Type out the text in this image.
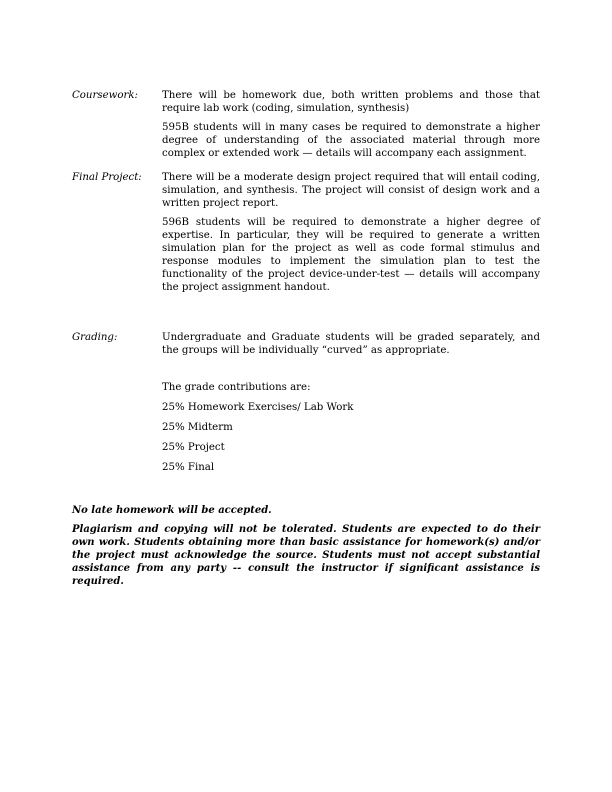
Coursework:	There will be homework due, both written problems and those that require lab work (coding, simulation, synthesis)

595B students will in many cases be required to demonstrate a higher degree of understanding of the associated material through more complex or extended work — details will accompany each assignment.

Final Project:	There will be a moderate design project required that will entail coding, simulation, and synthesis. The project will consist of design work and a written project report.

596B students will be required to demonstrate a higher degree of expertise. In particular, they will be required to generate a written simulation plan for the project as well as code formal stimulus and response modules to implement the simulation plan to test the functionality of the project device-under-test — details will accompany the project assignment handout.

Grading:	Undergraduate and Graduate students will be graded separately, and the groups will be individually “curved” as appropriate.

The grade contributions are:
25% Homework Exercises/ Lab Work
25% Midterm
25% Project
25% Final

No late homework will be accepted.

Plagiarism and copying will not be tolerated. Students are expected to do their own work. Students obtaining more than basic assistance for homework(s) and/or the project must acknowledge the source. Students must not accept substantial assistance from any party -- consult the instructor if significant assistance is required.
